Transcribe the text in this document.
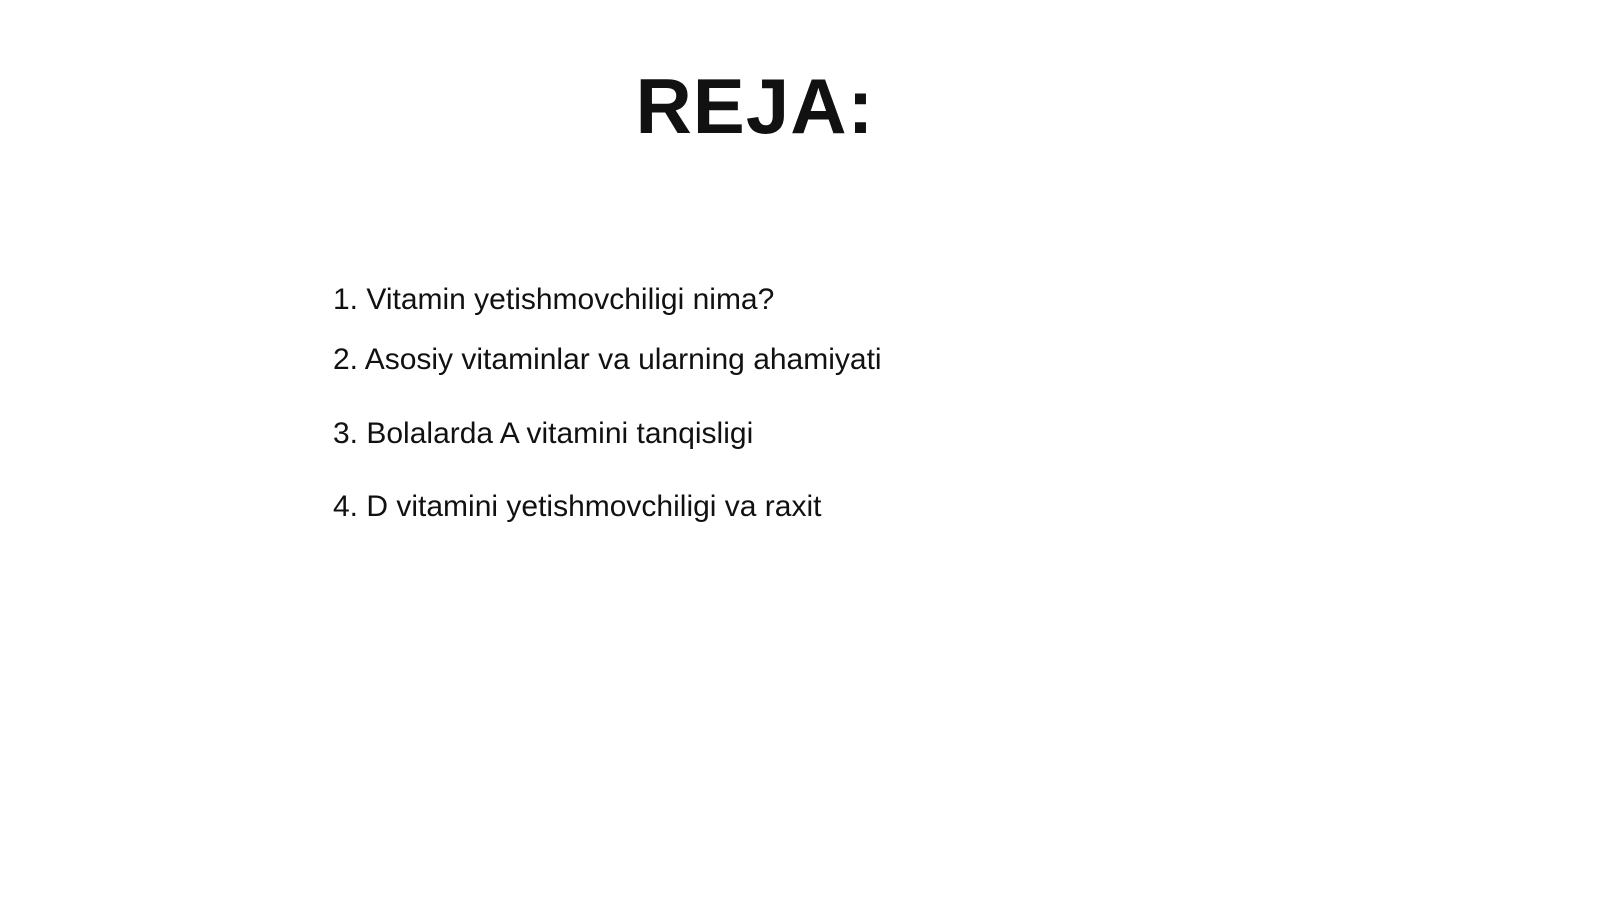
REJA:
1. Vitamin yetishmovchiligi nima?
2. Asosiy vitaminlar va ularning ahamiyati
3. Bolalarda A vitamini tanqisligi
4. D vitamini yetishmovchiligi va raxit
